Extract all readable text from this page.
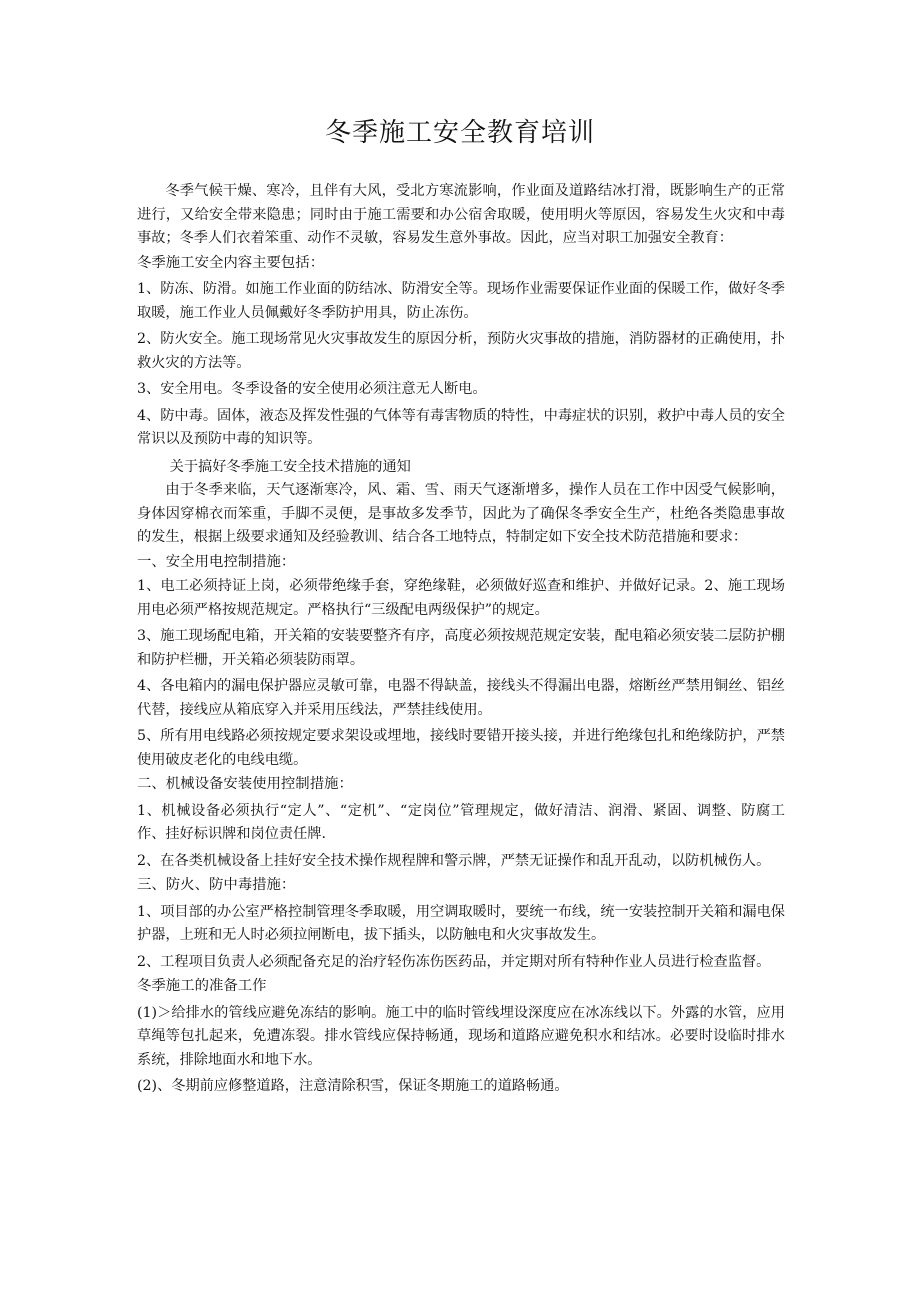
冬季施工安全教育培训

冬季气候干燥、寒冷，且伴有大风，受北方寒流影响，作业面及道路结冰打滑，既影响生产的正常进行，又给安全带来隐患；同时由于施工需要和办公宿舍取暖，使用明火等原因，容易发生火灾和中毒事故；冬季人们衣着笨重、动作不灵敏，容易发生意外事故。因此，应当对职工加强安全教育：

冬季施工安全内容主要包括：

1、防冻、防滑。如施工作业面的防结冰、防滑安全等。现场作业需要保证作业面的保暖工作，做好冬季取暖，施工作业人员佩戴好冬季防护用具，防止冻伤。

2、防火安全。施工现场常见火灾事故发生的原因分析，预防火灾事故的措施，消防器材的正确使用，扑救火灾的方法等。

3、安全用电。冬季设备的安全使用必须注意无人断电。

4、防中毒。固体，液态及挥发性强的气体等有毒害物质的特性，中毒症状的识别，救护中毒人员的安全常识以及预防中毒的知识等。

关于搞好冬季施工安全技术措施的通知

由于冬季来临，天气逐渐寒冷，风、霜、雪、雨天气逐渐增多，操作人员在工作中因受气候影响，身体因穿棉衣而笨重，手脚不灵便，是事故多发季节，因此为了确保冬季安全生产，杜绝各类隐患事故的发生，根据上级要求通知及经验教训、结合各工地特点，特制定如下安全技术防范措施和要求：

一、安全用电控制措施：

1、电工必须持证上岗，必须带绝缘手套，穿绝缘鞋，必须做好巡查和维护、并做好记录。2、施工现场用电必须严格按规范规定。严格执行“三级配电两级保护”的规定。

3、施工现场配电箱，开关箱的安装要整齐有序，高度必须按规范规定安装，配电箱必须安装二层防护棚和防护栏栅，开关箱必须装防雨罩。

4、各电箱内的漏电保护器应灵敏可靠，电器不得缺盖，接线头不得漏出电器，熔断丝严禁用铜丝、铝丝代替，接线应从箱底穿入并采用压线法，严禁挂线使用。

5、所有用电线路必须按规定要求架设或埋地，接线时要错开接头接，并进行绝缘包扎和绝缘防护，严禁使用破皮老化的电线电缆。

二、机械设备安装使用控制措施：

1、机械设备必须执行“定人”、“定机”、“定岗位”管理规定，做好清洁、润滑、紧固、调整、防腐工作、挂好标识牌和岗位责任牌.

2、在各类机械设备上挂好安全技术操作规程牌和警示牌，严禁无证操作和乱开乱动，以防机械伤人。

三、防火、防中毒措施：

1、项目部的办公室严格控制管理冬季取暖，用空调取暖时，要统一布线，统一安装控制开关箱和漏电保护器，上班和无人时必须拉闸断电，拔下插头，以防触电和火灾事故发生。

2、工程项目负责人必须配备充足的治疗轻伤冻伤医药品，并定期对所有特种作业人员进行检查监督。

冬季施工的准备工作

(1)＞给排水的管线应避免冻结的影响。施工中的临时管线埋设深度应在冰冻线以下。外露的水管，应用草绳等包扎起来，免遭冻裂。排水管线应保持畅通，现场和道路应避免积水和结冰。必要时设临时排水系统，排除地面水和地下水。

(2)、冬期前应修整道路，注意清除积雪，保证冬期施工的道路畅通。
